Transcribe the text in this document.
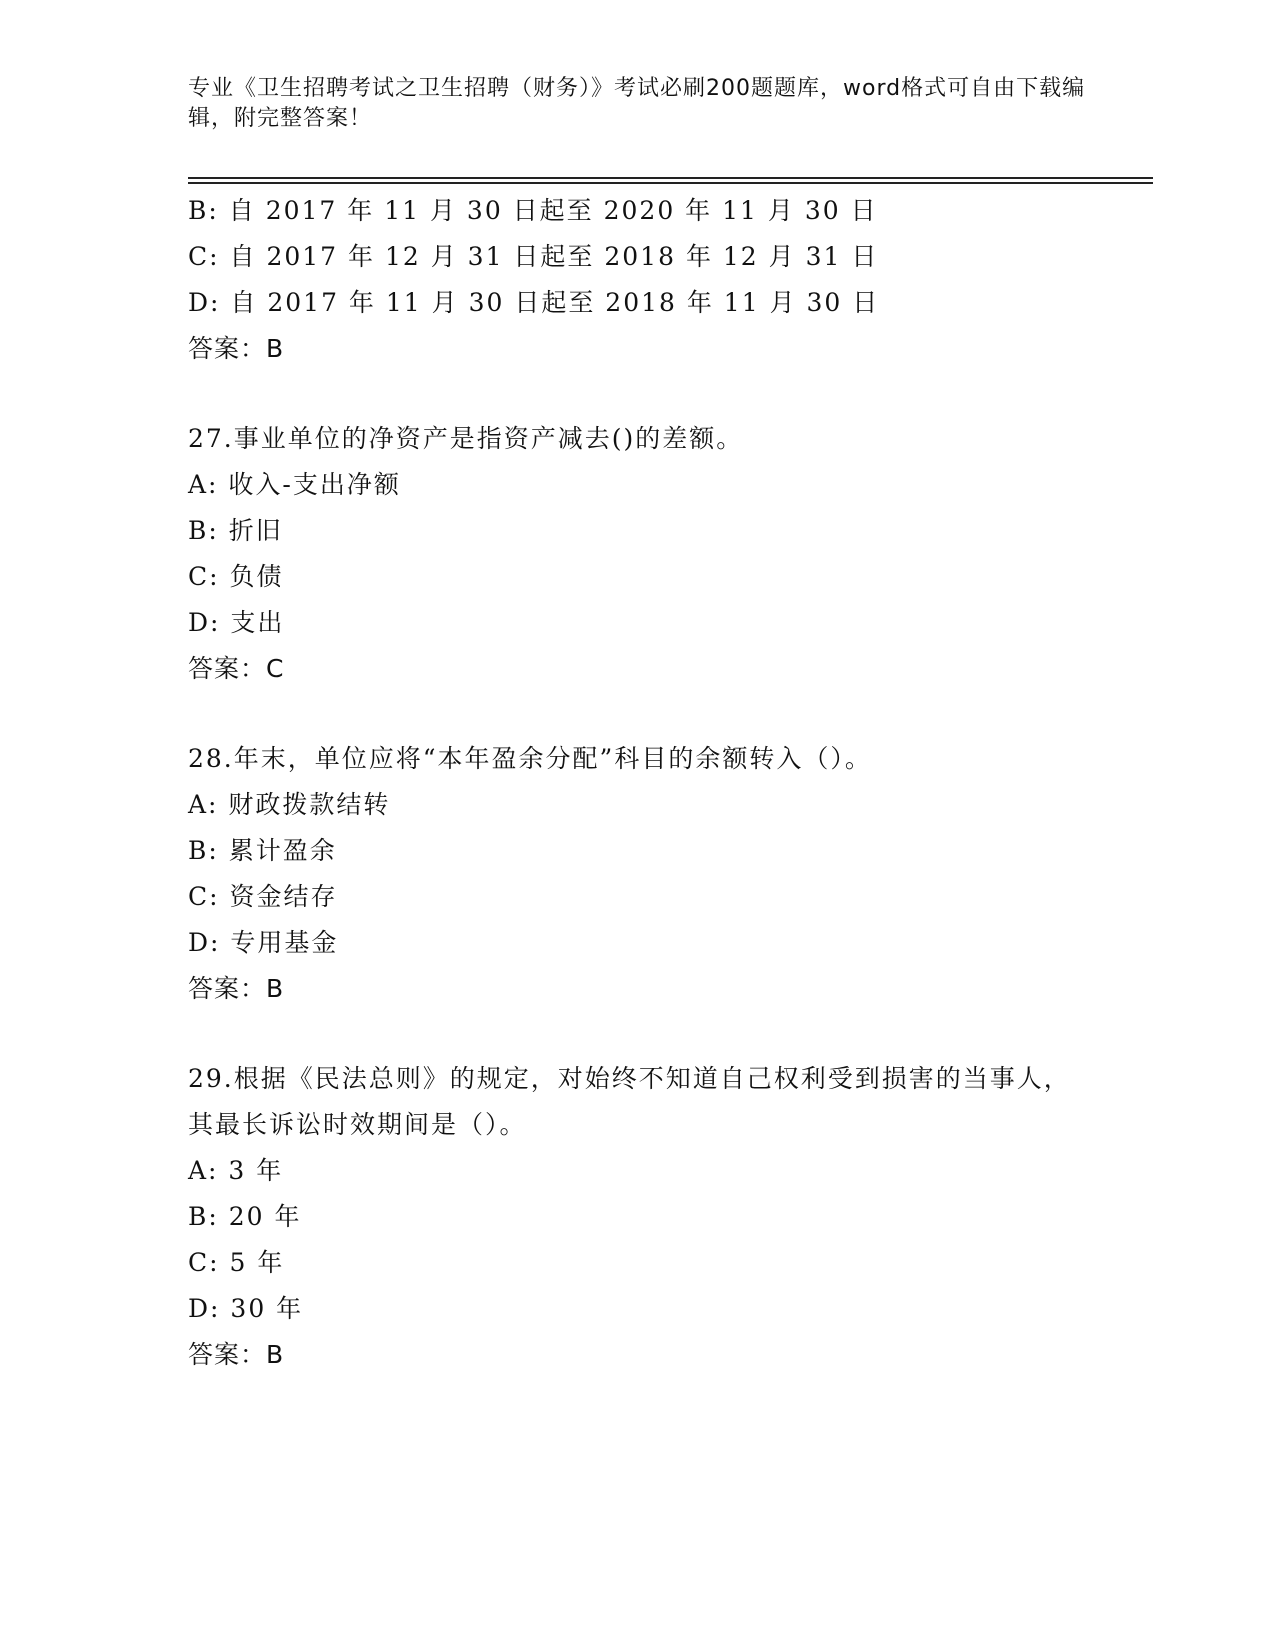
专业《卫生招聘考试之卫生招聘（财务）》考试必刷200题题库，word格式可自由下载编辑，附完整答案！
B: 自 2017 年 11 月 30 日起至 2020 年 11 月 30 日
C: 自 2017 年 12 月 31 日起至 2018 年 12 月 31 日
D: 自 2017 年 11 月 30 日起至 2018 年 11 月 30 日
答案：B
27.事业单位的净资产是指资产减去()的差额。
A: 收入-支出净额
B: 折旧
C: 负债
D: 支出
答案：C
28.年末，单位应将“本年盈余分配”科目的余额转入（）。
A: 财政拨款结转
B: 累计盈余
C: 资金结存
D: 专用基金
答案：B
29.根据《民法总则》的规定，对始终不知道自己权利受到损害的当事人，其最长诉讼时效期间是（）。
A: 3 年
B: 20 年
C: 5 年
D: 30 年
答案：B
